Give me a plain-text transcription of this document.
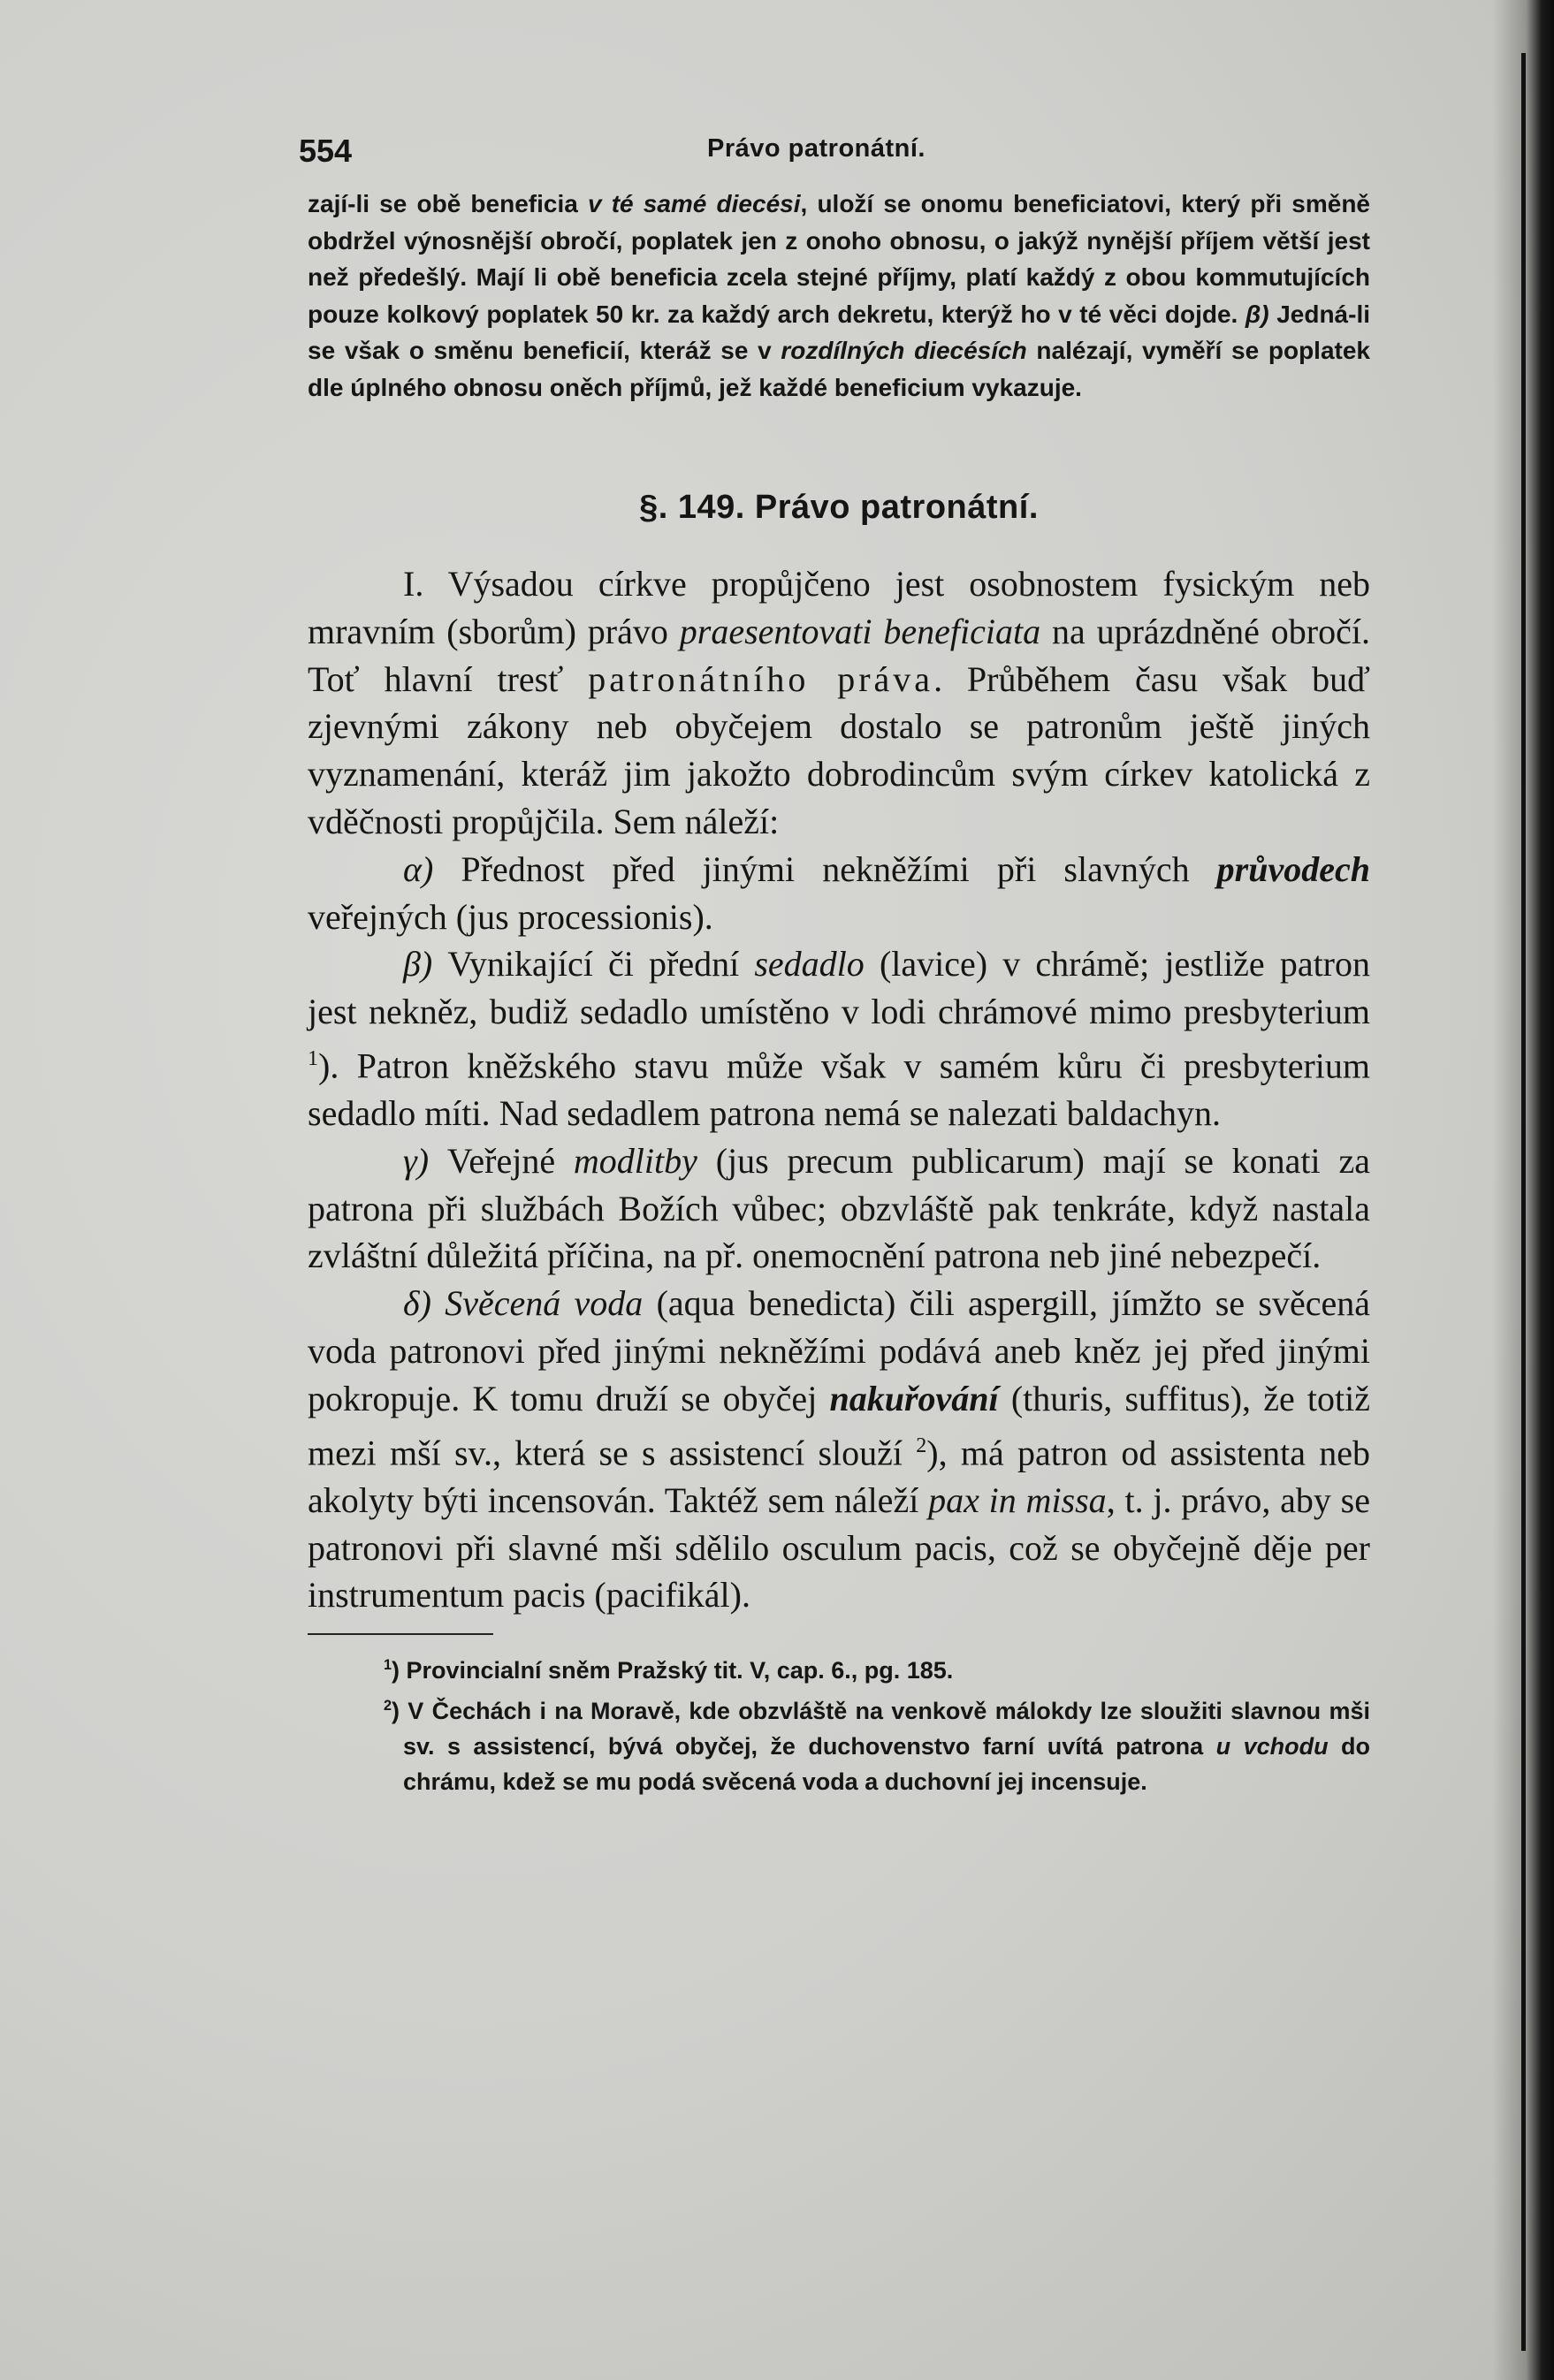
554	Právo patronátní.

zají-li se obě beneficia v té samé diecési, uloží se onomu beneficiatovi, který při směně obdržel výnosnější obročí, poplatek jen z onoho obnosu, o jakýž nynější příjem větší jest než předešlý. Mají li obě beneficia zcela stejné příjmy, platí každý z obou kommutujících pouze kolkový poplatek 50 kr. za každý arch dekretu, kterýž ho v té věci dojde. β) Jedná-li se však o směnu beneficií, kteráž se v rozdílných diecésích nalézají, vyměří se poplatek dle úplného obnosu oněch příjmů, jež každé beneficium vykazuje.

§. 149. Právo patronátní.

I. Výsadou církve propůjčeno jest osobnostem fysickým neb mravním (sborům) právo praesentovati beneficiata na uprázdněné obročí. Toť hlavní tresť patronátního práva. Průběhem času však buď zjevnými zákony neb obyčejem dostalo se patronům ještě jiných vyznamenání, kteráž jim jakožto dobrodincům svým církev katolická z vděčnosti propůjčila. Sem náleží:

α) Přednost před jinými nekněžími při slavných průvodech veřejných (jus processionis).

β) Vynikající či přední sedadlo (lavice) v chrámě; jestliže patron jest nekněz, budiž sedadlo umístěno v lodi chrámové mimo presbyterium $^1$). Patron kněžského stavu může však v samém kůru či presbyterium sedadlo míti. Nad sedadlem patrona nemá se nalezati baldachyn.

γ) Veřejné modlitby (jus precum publicarum) mají se konati za patrona při službách Božích vůbec; obzvláště pak tenkráte, když nastala zvláštní důležitá příčina, na př. onemocnění patrona neb jiné nebezpečí.

δ) Svěcená voda (aqua benedicta) čili aspergill, jímžto se svěcená voda patronovi před jinými nekněžími podává aneb kněz jej před jinými pokropuje. K tomu druží se obyčej nakuřování (thuris, suffitus), že totiž mezi mší sv., která se s assistencí slouží $^2$), má patron od assistenta neb akolyty býti incensován. Taktéž sem náleží pax in missa, t. j. právo, aby se patronovi při slavné mši sdělilo osculum pacis, což se obyčejně děje per instrumentum pacis (pacifikál).

$^1$) Provincialní sněm Pražský tit. V, cap. 6., pg. 185.

$^2$) V Čechách i na Moravě, kde obzvláště na venkově málokdy lze sloužiti slavnou mši sv. s assistencí, bývá obyčej, že duchovenstvo farní uvítá patrona u vchodu do chrámu, kdež se mu podá svěcená voda a duchovní jej incensuje.
